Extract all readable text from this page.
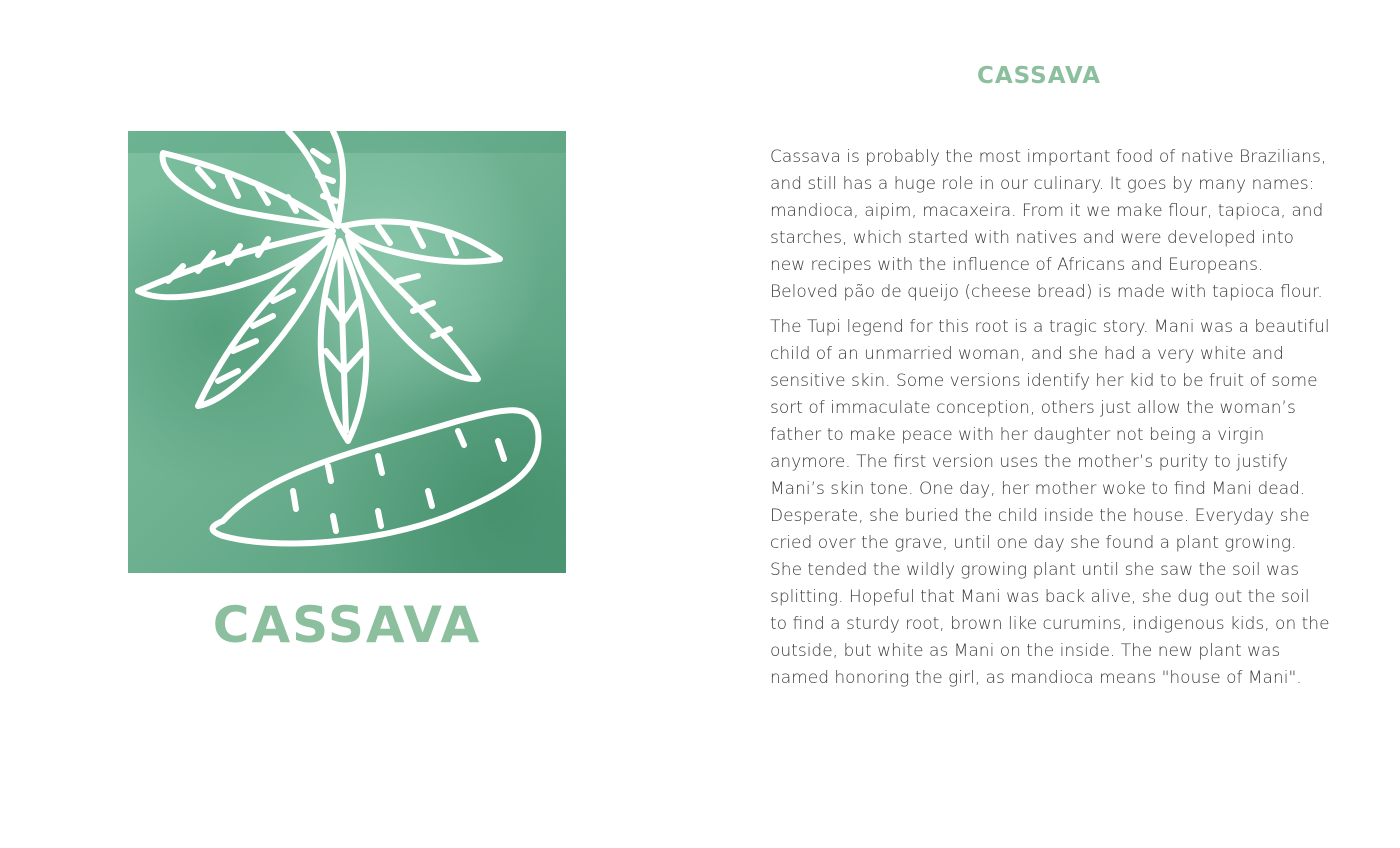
CASSAVA
CASSAVA

Cassava is probably the most important food of native Brazilians, and still has a huge role in our culinary. It goes by many names: mandioca, aipim, macaxeira. From it we make flour, tapioca, and starches, which started with natives and were developed into new recipes with the influence of Africans and Europeans. Beloved pão de queijo (cheese bread) is made with tapioca flour.

The Tupi legend for this root is a tragic story. Mani was a beautiful child of an unmarried woman, and she had a very white and sensitive skin. Some versions identify her kid to be fruit of some sort of immaculate conception, others just allow the woman’s father to make peace with her daughter not being a virgin anymore. The first version uses the mother’s purity to justify Mani’s skin tone. One day, her mother woke to find Mani dead. Desperate, she buried the child inside the house. Everyday she cried over the grave, until one day she found a plant growing. She tended the wildly growing plant until she saw the soil was splitting. Hopeful that Mani was back alive, she dug out the soil to find a sturdy root, brown like curumins, indigenous kids, on the outside, but white as Mani on the inside. The new plant was named honoring the girl, as mandioca means "house of Mani".
